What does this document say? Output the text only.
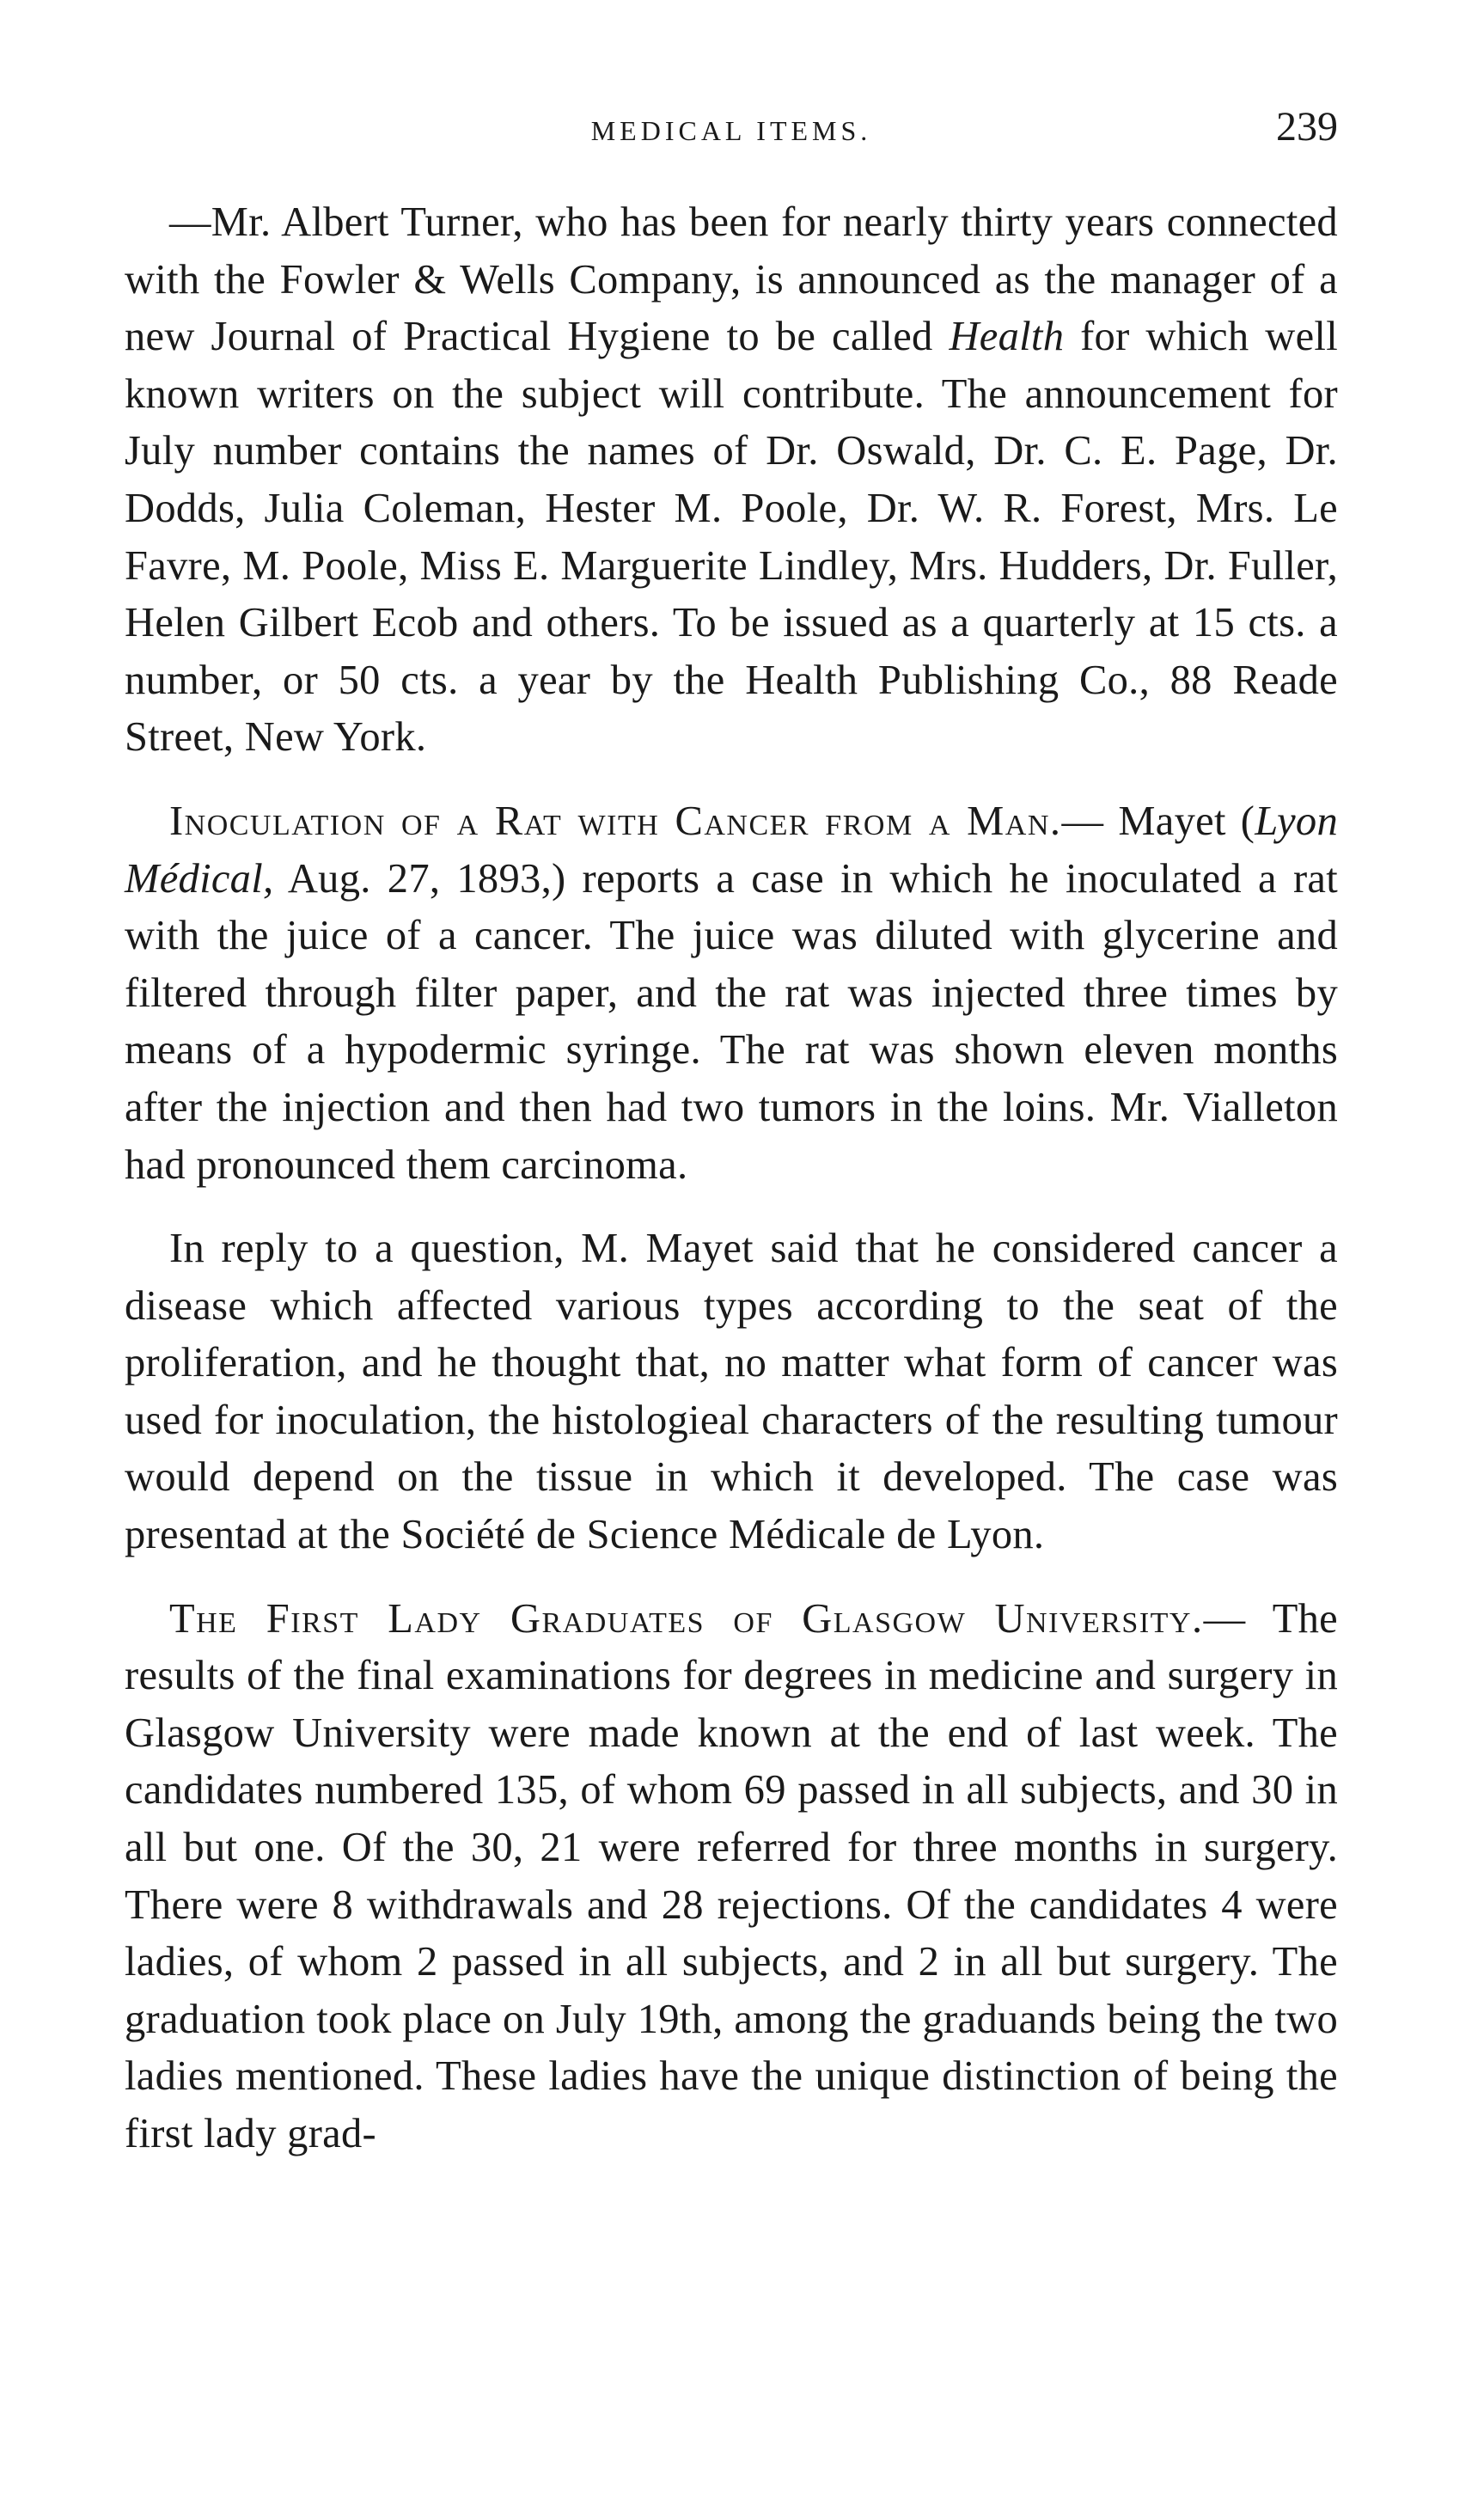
MEDICAL ITEMS.	239

—Mr. Albert Turner, who has been for nearly thirty years connected with the Fowler & Wells Company, is announced as the manager of a new Journal of Practical Hygiene to be called Health for which well known writers on the subject will contribute. The announcement for July number contains the names of Dr. Oswald, Dr. C. E. Page, Dr. Dodds, Julia Coleman, Hester M. Poole, Dr. W. R. Forest, Mrs. Le Favre, M. Poole, Miss E. Marguerite Lindley, Mrs. Hudders, Dr. Fuller, Helen Gilbert Ecob and others. To be issued as a quarterly at 15 cts. a number, or 50 cts. a year by the Health Publishing Co., 88 Reade Street, New York.

Inoculation of a Rat with Cancer from a Man.— Mayet (Lyon Médical, Aug. 27, 1893,) reports a case in which he inoculated a rat with the juice of a cancer. The juice was diluted with glycerine and filtered through filter paper, and the rat was injected three times by means of a hypodermic syringe. The rat was shown eleven months after the injection and then had two tumors in the loins. Mr. Vialleton had pronounced them carcinoma.

In reply to a question, M. Mayet said that he considered cancer a disease which affected various types according to the seat of the proliferation, and he thought that, no matter what form of cancer was used for inoculation, the histologieal characters of the resulting tumour would depend on the tissue in which it developed. The case was presentad at the Société de Science Médicale de Lyon.

The First Lady Graduates of Glasgow University.— The results of the final examinations for degrees in medicine and surgery in Glasgow University were made known at the end of last week. The candidates numbered 135, of whom 69 passed in all subjects, and 30 in all but one. Of the 30, 21 were referred for three months in surgery. There were 8 withdrawals and 28 rejections. Of the candidates 4 were ladies, of whom 2 passed in all subjects, and 2 in all but surgery. The graduation took place on July 19th, among the graduands being the two ladies mentioned. These ladies have the unique distinction of being the first lady grad-
